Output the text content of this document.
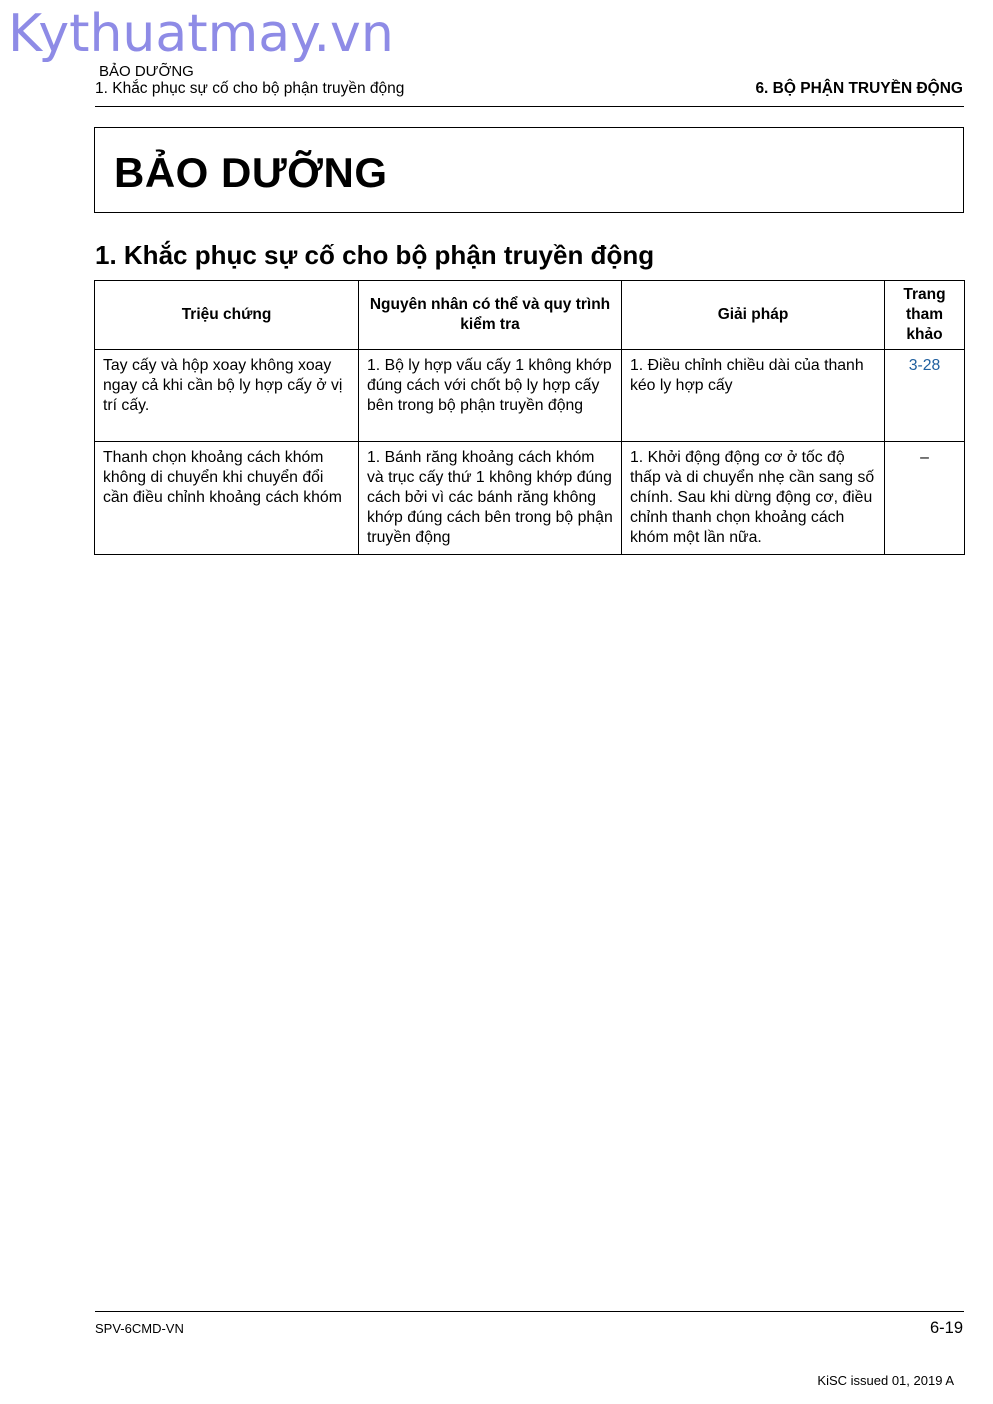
Kythuatmay.vn
BẢO DƯỠNG
1. Khắc phục sự cố cho bộ phận truyền động	6. BỘ PHẬN TRUYỀN ĐỘNG
BẢO DƯỠNG
1. Khắc phục sự cố cho bộ phận truyền động
Triệu chứng	Nguyên nhân có thể và quy trình kiểm tra	Giải pháp	Trang tham khảo
Tay cấy và hộp xoay không xoay ngay cả khi cần bộ ly hợp cấy ở vị trí cấy.	1. Bộ ly hợp vấu cấy 1 không khớp đúng cách với chốt bộ ly hợp cấy bên trong bộ phận truyền động	1. Điều chỉnh chiều dài của thanh kéo ly hợp cấy	3-28
Thanh chọn khoảng cách khóm không di chuyển khi chuyển đổi cần điều chỉnh khoảng cách khóm	1. Bánh răng khoảng cách khóm và trục cấy thứ 1 không khớp đúng cách bởi vì các bánh răng không khớp đúng cách bên trong bộ phận truyền động	1. Khởi động động cơ ở tốc độ thấp và di chuyển nhẹ cần sang số chính. Sau khi dừng động cơ, điều chỉnh thanh chọn khoảng cách khóm một lần nữa.	–
SPV-6CMD-VN	6-19
KiSC issued 01, 2019 A
